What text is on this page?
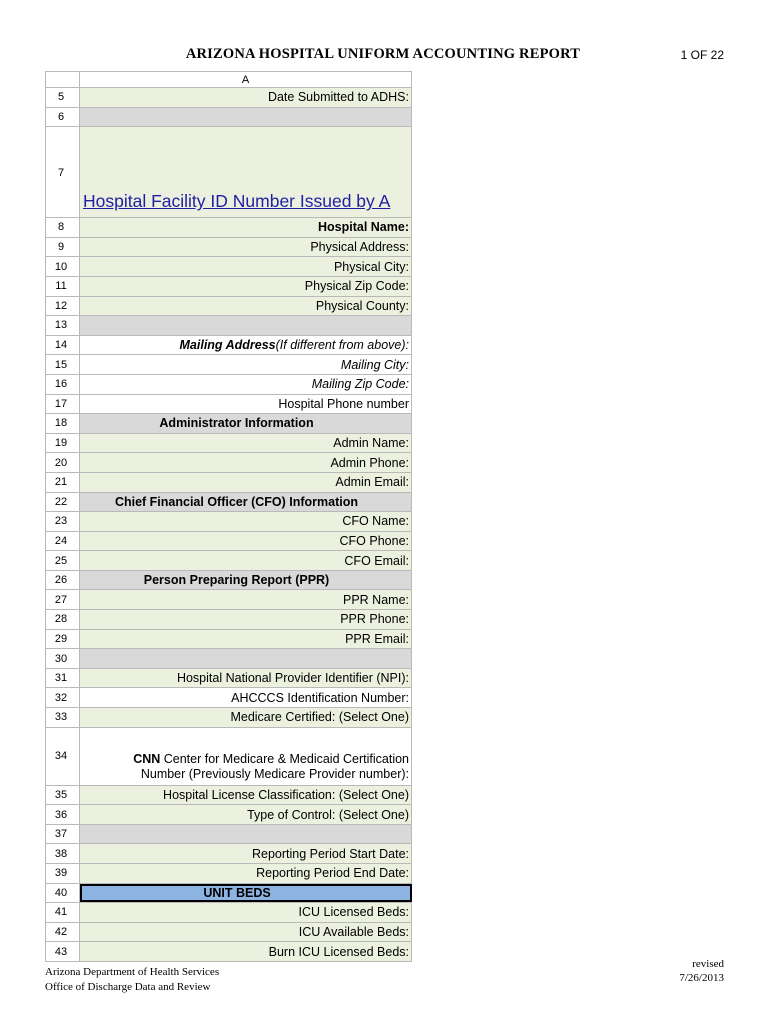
ARIZONA HOSPITAL UNIFORM ACCOUNTING REPORT	1 OF 22
A
5	Date Submitted to ADHS:
6
7
Hospital Facility ID Number Issued by A
8	Hospital Name:
9	Physical Address:
10	Physical City:
11	Physical Zip Code:
12	Physical County:
13
14	Mailing Address (If different from above):
15	Mailing City:
16	Mailing Zip Code:
17	Hospital Phone number
18	Administrator Information
19	Admin Name:
20	Admin Phone:
21	Admin Email:
22	Chief Financial Officer (CFO) Information
23	CFO Name:
24	CFO Phone:
25	CFO Email:
26	Person Preparing Report (PPR)
27	PPR Name:
28	PPR Phone:
29	PPR Email:
30
31	Hospital National Provider Identifier (NPI):
32	AHCCCS Identification Number:
33	Medicare Certified: (Select One)
34	CNN Center for Medicare & Medicaid Certification
Number (Previously Medicare Provider number):
35	Hospital License Classification: (Select One)
36	Type of Control: (Select One)
37
38	Reporting Period Start Date:
39	Reporting Period End Date:
40	UNIT BEDS
41	ICU Licensed Beds:
42	ICU Available Beds:
43	Burn ICU Licensed Beds:
Arizona Department of Health Services
Office of Discharge Data and Review
revised
7/26/2013
